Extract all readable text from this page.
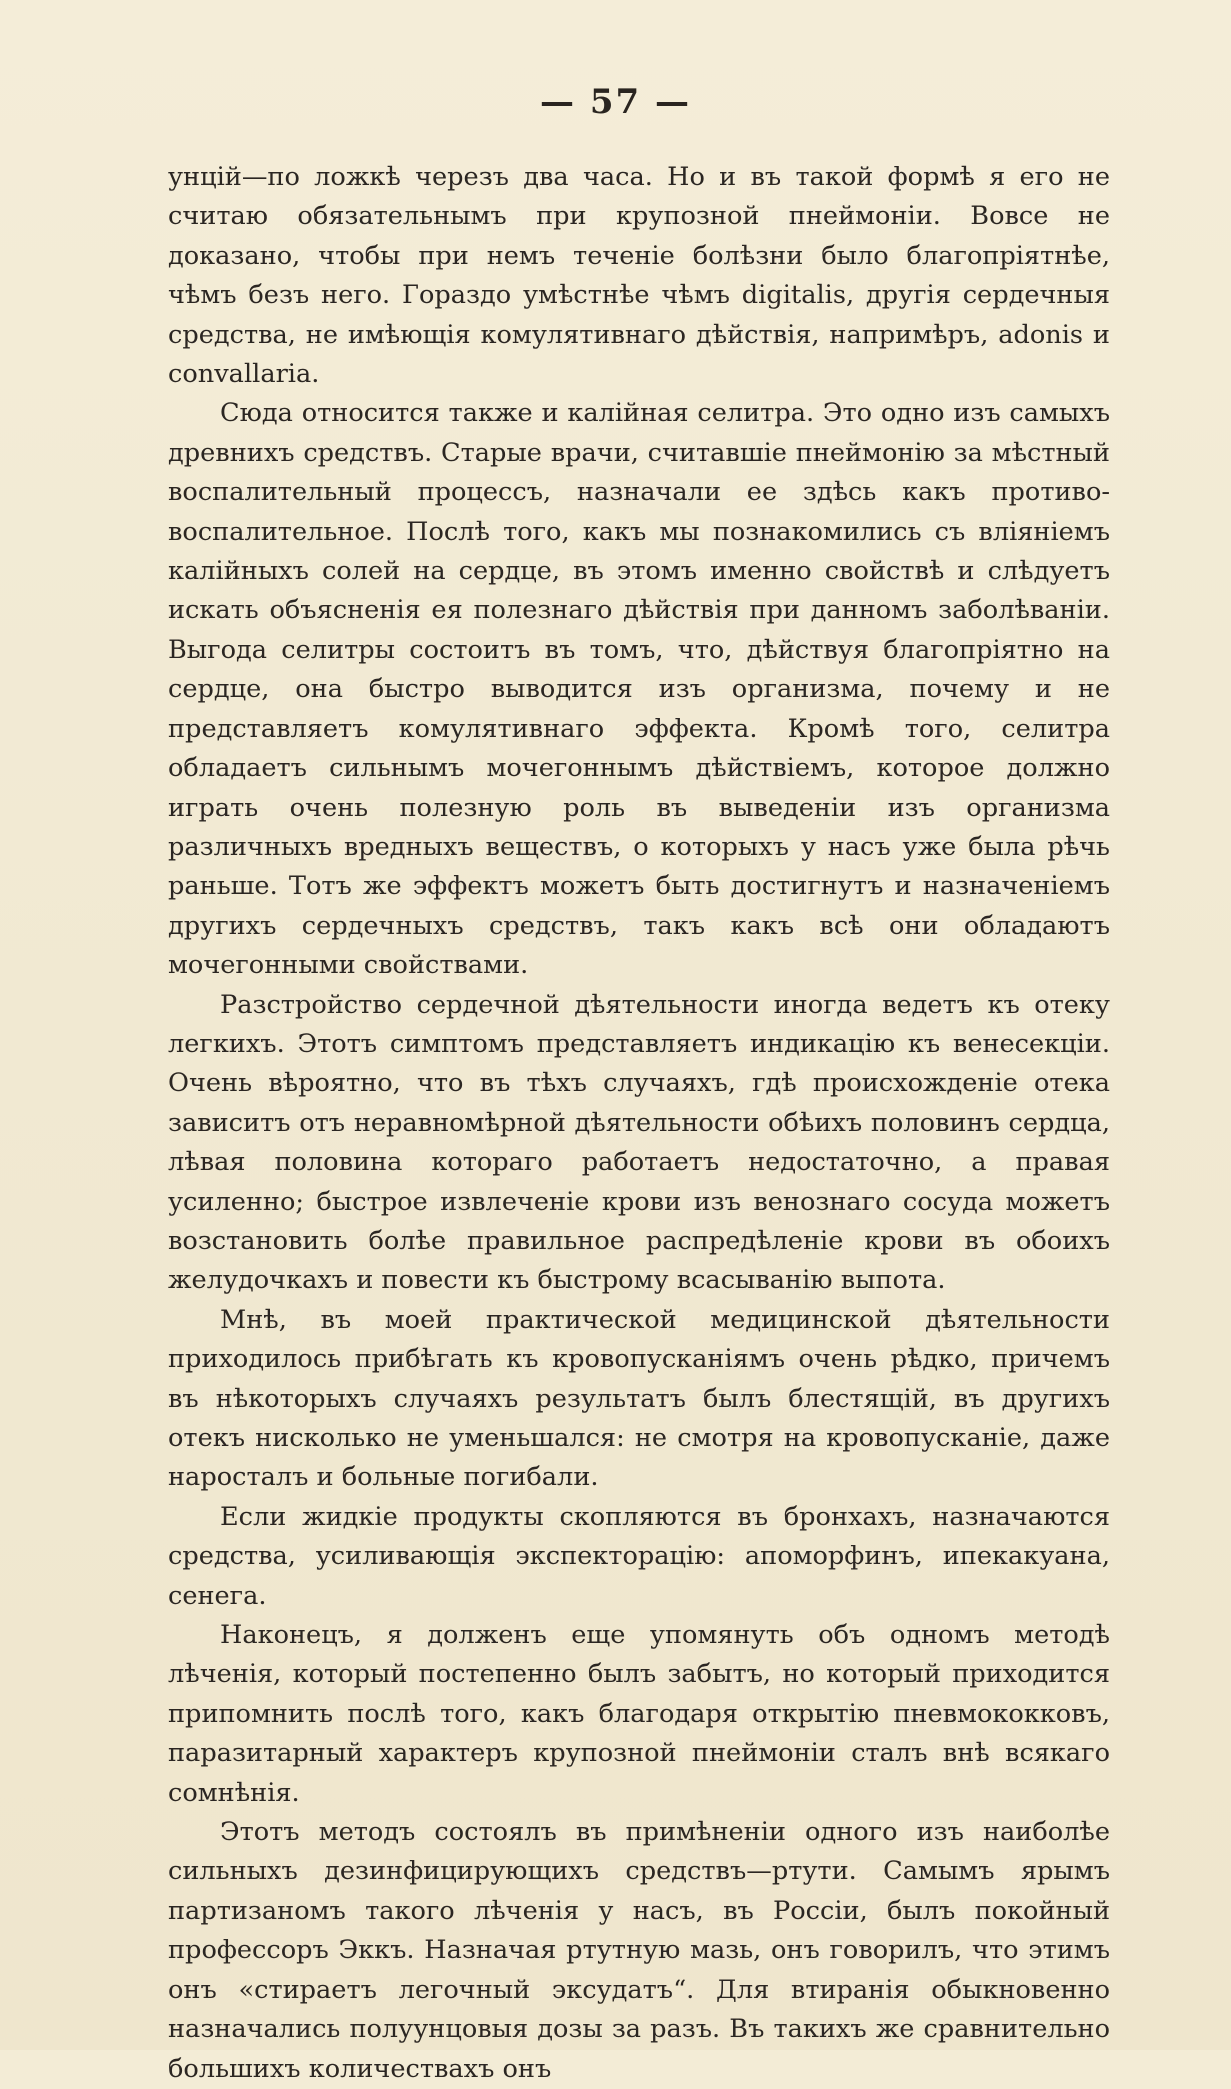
— 57 —

унцій—по ложкѣ черезъ два часа. Но и въ такой формѣ я его не считаю обязательнымъ при крупозной пнеймоніи. Вовсе не доказано, чтобы при немъ теченіе болѣзни было благопріятнѣе, чѣмъ безъ него. Гораздо умѣстнѣе чѣмъ digitalis, другія сердечныя средства, не имѣющія комулятивнаго дѣйствія, напримѣръ, adonis и convallaria.

Сюда относится также и калійная селитра. Это одно изъ самыхъ древнихъ средствъ. Старые врачи, считавшіе пнеймонію за мѣстный воспалительный процессъ, назначали ее здѣсь какъ противо-воспалительное. Послѣ того, какъ мы познакомились съ вліяніемъ калійныхъ солей на сердце, въ этомъ именно свойствѣ и слѣдуетъ искать объясненія ея полезнаго дѣйствія при данномъ заболѣваніи. Выгода селитры состоитъ въ томъ, что, дѣйствуя благопріятно на сердце, она быстро выводится изъ организма, почему и не представляетъ комулятивнаго эффекта. Кромѣ того, селитра обладаетъ сильнымъ мочегоннымъ дѣйствіемъ, которое должно играть очень полезную роль въ выведеніи изъ организма различныхъ вредныхъ веществъ, о которыхъ у насъ уже была рѣчь раньше. Тотъ же эффектъ можетъ быть достигнутъ и назначеніемъ другихъ сердечныхъ средствъ, такъ какъ всѣ они обладаютъ мочегонными свойствами.

Разстройство сердечной дѣятельности иногда ведетъ къ отеку легкихъ. Этотъ симптомъ представляетъ индикацію къ венесекціи. Очень вѣроятно, что въ тѣхъ случаяхъ, гдѣ происхожденіе отека зависитъ отъ неравномѣрной дѣятельности обѣихъ половинъ сердца, лѣвая половина котораго работаетъ недостаточно, а правая усиленно; быстрое извлеченіе крови изъ венознаго сосуда можетъ возстановить болѣе правильное распредѣленіе крови въ обоихъ желудочкахъ и повести къ быстрому всасыванію выпота.

Мнѣ, въ моей практической медицинской дѣятельности приходилось прибѣгать къ кровопусканіямъ очень рѣдко, причемъ въ нѣкоторыхъ случаяхъ результатъ былъ блестящій, въ другихъ отекъ нисколько не уменьшался: не смотря на кровопусканіе, даже наросталъ и больные погибали.

Если жидкіе продукты скопляются въ бронхахъ, назначаются средства, усиливающія экспекторацію: апоморфинъ, ипекакуана, сенега.

Наконецъ, я долженъ еще упомянуть объ одномъ методѣ лѣченія, который постепенно былъ забытъ, но который приходится припомнить послѣ того, какъ благодаря открытію пневмококковъ, паразитарный характеръ крупозной пнеймоніи сталъ внѣ всякаго сомнѣнія.

Этотъ методъ состоялъ въ примѣненіи одного изъ наиболѣе сильныхъ дезинфицирующихъ средствъ—ртути. Самымъ ярымъ партизаномъ такого лѣченія у насъ, въ Россіи, былъ покойный профессоръ Эккъ. Назначая ртутную мазь, онъ говорилъ, что этимъ онъ «стираетъ легочный эксудатъ“. Для втиранія обыкновенно назначались полуунцовыя дозы за разъ. Въ такихъ же сравнительно большихъ количествахъ онъ
